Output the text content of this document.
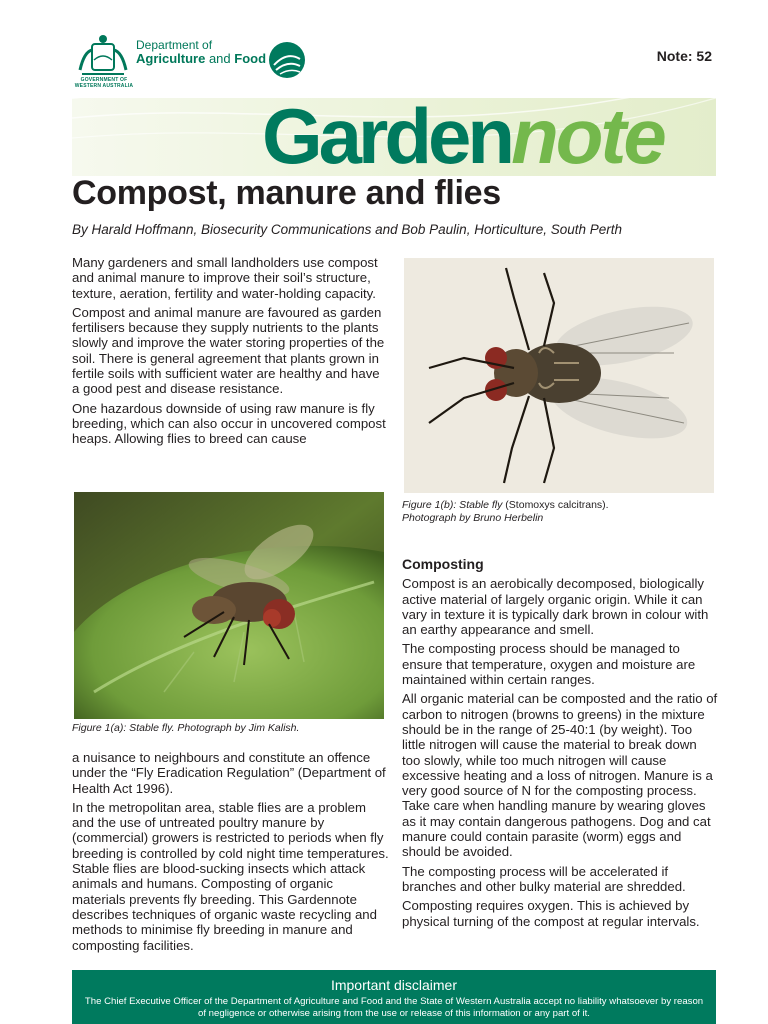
GOVERNMENT OF WESTERN AUSTRALIA
Department of
Agriculture and Food	Note: 52
Gardennote
Compost, manure and flies
By Harald Hoffmann, Biosecurity Communications and Bob Paulin, Horticulture, South Perth

Many gardeners and small landholders use compost and animal manure to improve their soil’s structure, texture, aeration, fertility and water-holding capacity.

Compost and animal manure are favoured as garden fertilisers because they supply nutrients to the plants slowly and improve the water storing properties of the soil. There is general agreement that plants grown in fertile soils with sufficient water are healthy and have a good pest and disease resistance.

One hazardous downside of using raw manure is fly breeding, which can also occur in uncovered compost heaps. Allowing flies to breed can cause

Figure 1(a): Stable fly. Photograph by Jim Kalish.

a nuisance to neighbours and constitute an offence under the “Fly Eradication Regulation” (Department of Health Act 1996).

In the metropolitan area, stable flies are a problem and the use of untreated poultry manure by (commercial) growers is restricted to periods when fly breeding is controlled by cold night time temperatures. Stable flies are blood-sucking insects which attack animals and humans. Composting of organic materials prevents fly breeding. This Gardennote describes techniques of organic waste recycling and methods to minimise fly breeding in manure and composting facilities.

Figure 1(b): Stable fly (Stomoxys calcitrans).
Photograph by Bruno Herbelin
Composting

Compost is an aerobically decomposed, biologically active material of largely organic origin. While it can vary in texture it is typically dark brown in colour with an earthy appearance and smell.

The composting process should be managed to ensure that temperature, oxygen and moisture are maintained within certain ranges.

All organic material can be composted and the ratio of carbon to nitrogen (browns to greens) in the mixture should be in the range of 25-40:1 (by weight). Too little nitrogen will cause the material to break down too slowly, while too much nitrogen will cause excessive heating and a loss of nitrogen. Manure is a very good source of N for the composting process. Take care when handling manure by wearing gloves as it may contain dangerous pathogens. Dog and cat manure could contain parasite (worm) eggs and should be avoided.

The composting process will be accelerated if branches and other bulky material are shredded.

Composting requires oxygen. This is achieved by physical turning of the compost at regular intervals.

Important disclaimer
The Chief Executive Officer of the Department of Agriculture and Food and the State of Western Australia accept no liability whatsoever by reason of negligence or otherwise arising from the use or release of this information or any part of it.
